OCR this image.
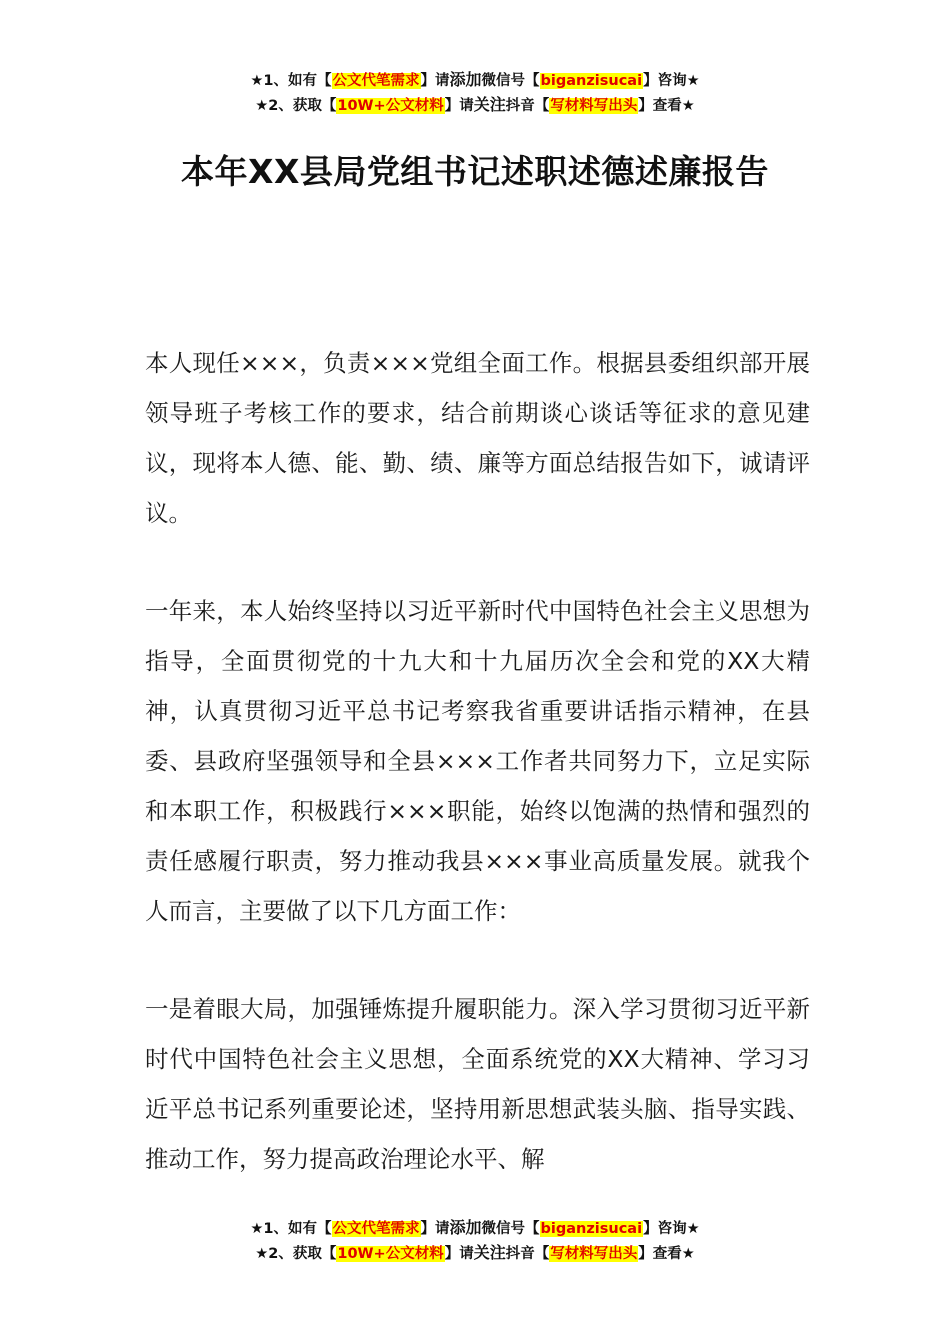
★1、如有【公文代笔需求】请添加微信号【biganzisucai】咨询★
★2、获取【10W+公文材料】请关注抖音【写材料写出头】查看★
本年XX县局党组书记述职述德述廉报告

本人现任×××，负责×××党组全面工作。根据县委组织部开展领导班子考核工作的要求，结合前期谈心谈话等征求的意见建议，现将本人德、能、勤、绩、廉等方面总结报告如下，诚请评议。

一年来，本人始终坚持以习近平新时代中国特色社会主义思想为指导，全面贯彻党的十九大和十九届历次全会和党的XX大精神，认真贯彻习近平总书记考察我省重要讲话指示精神，在县委、县政府坚强领导和全县×××工作者共同努力下，立足实际和本职工作，积极践行×××职能，始终以饱满的热情和强烈的责任感履行职责，努力推动我县×××事业高质量发展。就我个人而言，主要做了以下几方面工作：

一是着眼大局，加强锤炼提升履职能力。深入学习贯彻习近平新时代中国特色社会主义思想，全面系统党的XX大精神、学习习近平总书记系列重要论述，坚持用新思想武装头脑、指导实践、推动工作，努力提高政治理论水平、解

★1、如有【公文代笔需求】请添加微信号【biganzisucai】咨询★
★2、获取【10W+公文材料】请关注抖音【写材料写出头】查看★
